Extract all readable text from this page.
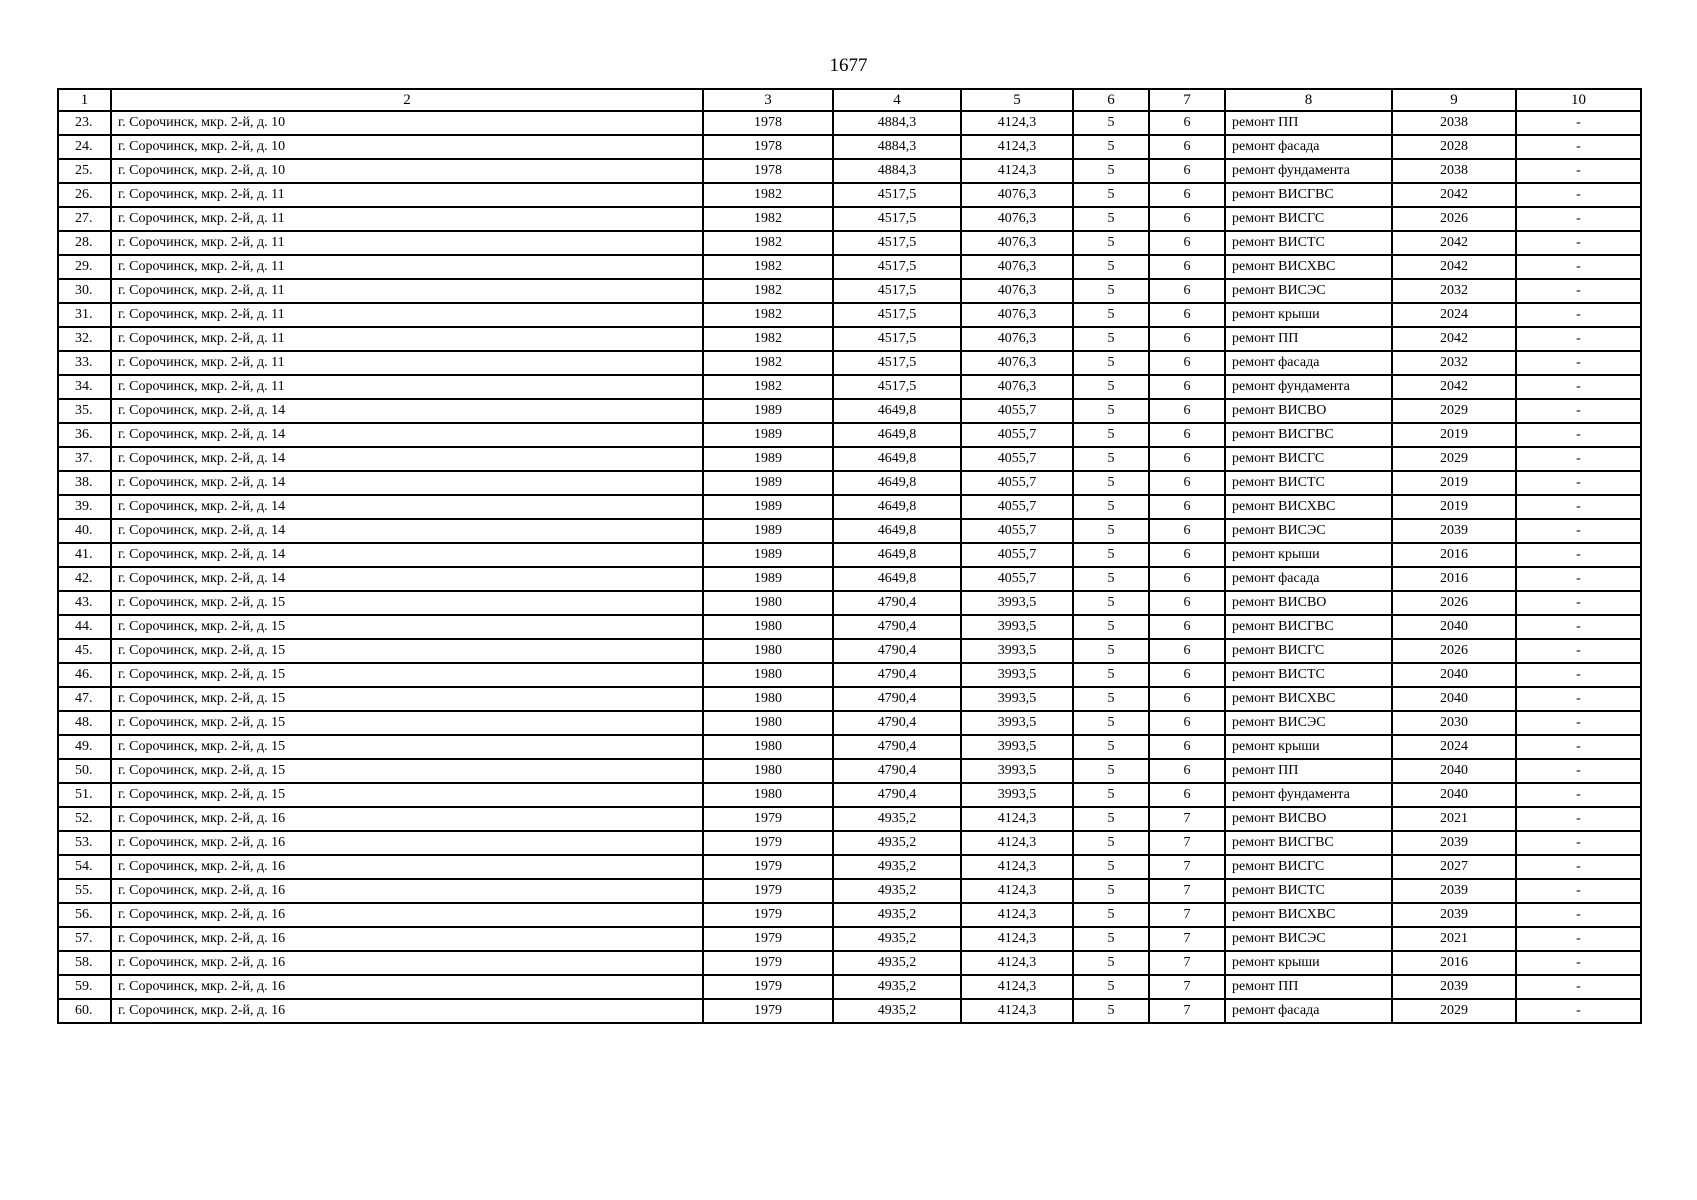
1677
1	2	3	4	5	6	7	8	9	10
23.	г. Сорочинск, мкр. 2-й, д. 10	1978	4884,3	4124,3	5	6	ремонт ПП	2038	-
24.	г. Сорочинск, мкр. 2-й, д. 10	1978	4884,3	4124,3	5	6	ремонт фасада	2028	-
25.	г. Сорочинск, мкр. 2-й, д. 10	1978	4884,3	4124,3	5	6	ремонт фундамента	2038	-
26.	г. Сорочинск, мкр. 2-й, д. 11	1982	4517,5	4076,3	5	6	ремонт ВИСГВС	2042	-
27.	г. Сорочинск, мкр. 2-й, д. 11	1982	4517,5	4076,3	5	6	ремонт ВИСГС	2026	-
28.	г. Сорочинск, мкр. 2-й, д. 11	1982	4517,5	4076,3	5	6	ремонт ВИСТС	2042	-
29.	г. Сорочинск, мкр. 2-й, д. 11	1982	4517,5	4076,3	5	6	ремонт ВИСХВС	2042	-
30.	г. Сорочинск, мкр. 2-й, д. 11	1982	4517,5	4076,3	5	6	ремонт ВИСЭС	2032	-
31.	г. Сорочинск, мкр. 2-й, д. 11	1982	4517,5	4076,3	5	6	ремонт крыши	2024	-
32.	г. Сорочинск, мкр. 2-й, д. 11	1982	4517,5	4076,3	5	6	ремонт ПП	2042	-
33.	г. Сорочинск, мкр. 2-й, д. 11	1982	4517,5	4076,3	5	6	ремонт фасада	2032	-
34.	г. Сорочинск, мкр. 2-й, д. 11	1982	4517,5	4076,3	5	6	ремонт фундамента	2042	-
35.	г. Сорочинск, мкр. 2-й, д. 14	1989	4649,8	4055,7	5	6	ремонт ВИСВО	2029	-
36.	г. Сорочинск, мкр. 2-й, д. 14	1989	4649,8	4055,7	5	6	ремонт ВИСГВС	2019	-
37.	г. Сорочинск, мкр. 2-й, д. 14	1989	4649,8	4055,7	5	6	ремонт ВИСГС	2029	-
38.	г. Сорочинск, мкр. 2-й, д. 14	1989	4649,8	4055,7	5	6	ремонт ВИСТС	2019	-
39.	г. Сорочинск, мкр. 2-й, д. 14	1989	4649,8	4055,7	5	6	ремонт ВИСХВС	2019	-
40.	г. Сорочинск, мкр. 2-й, д. 14	1989	4649,8	4055,7	5	6	ремонт ВИСЭС	2039	-
41.	г. Сорочинск, мкр. 2-й, д. 14	1989	4649,8	4055,7	5	6	ремонт крыши	2016	-
42.	г. Сорочинск, мкр. 2-й, д. 14	1989	4649,8	4055,7	5	6	ремонт фасада	2016	-
43.	г. Сорочинск, мкр. 2-й, д. 15	1980	4790,4	3993,5	5	6	ремонт ВИСВО	2026	-
44.	г. Сорочинск, мкр. 2-й, д. 15	1980	4790,4	3993,5	5	6	ремонт ВИСГВС	2040	-
45.	г. Сорочинск, мкр. 2-й, д. 15	1980	4790,4	3993,5	5	6	ремонт ВИСГС	2026	-
46.	г. Сорочинск, мкр. 2-й, д. 15	1980	4790,4	3993,5	5	6	ремонт ВИСТС	2040	-
47.	г. Сорочинск, мкр. 2-й, д. 15	1980	4790,4	3993,5	5	6	ремонт ВИСХВС	2040	-
48.	г. Сорочинск, мкр. 2-й, д. 15	1980	4790,4	3993,5	5	6	ремонт ВИСЭС	2030	-
49.	г. Сорочинск, мкр. 2-й, д. 15	1980	4790,4	3993,5	5	6	ремонт крыши	2024	-
50.	г. Сорочинск, мкр. 2-й, д. 15	1980	4790,4	3993,5	5	6	ремонт ПП	2040	-
51.	г. Сорочинск, мкр. 2-й, д. 15	1980	4790,4	3993,5	5	6	ремонт фундамента	2040	-
52.	г. Сорочинск, мкр. 2-й, д. 16	1979	4935,2	4124,3	5	7	ремонт ВИСВО	2021	-
53.	г. Сорочинск, мкр. 2-й, д. 16	1979	4935,2	4124,3	5	7	ремонт ВИСГВС	2039	-
54.	г. Сорочинск, мкр. 2-й, д. 16	1979	4935,2	4124,3	5	7	ремонт ВИСГС	2027	-
55.	г. Сорочинск, мкр. 2-й, д. 16	1979	4935,2	4124,3	5	7	ремонт ВИСТС	2039	-
56.	г. Сорочинск, мкр. 2-й, д. 16	1979	4935,2	4124,3	5	7	ремонт ВИСХВС	2039	-
57.	г. Сорочинск, мкр. 2-й, д. 16	1979	4935,2	4124,3	5	7	ремонт ВИСЭС	2021	-
58.	г. Сорочинск, мкр. 2-й, д. 16	1979	4935,2	4124,3	5	7	ремонт крыши	2016	-
59.	г. Сорочинск, мкр. 2-й, д. 16	1979	4935,2	4124,3	5	7	ремонт ПП	2039	-
60.	г. Сорочинск, мкр. 2-й, д. 16	1979	4935,2	4124,3	5	7	ремонт фасада	2029	-
